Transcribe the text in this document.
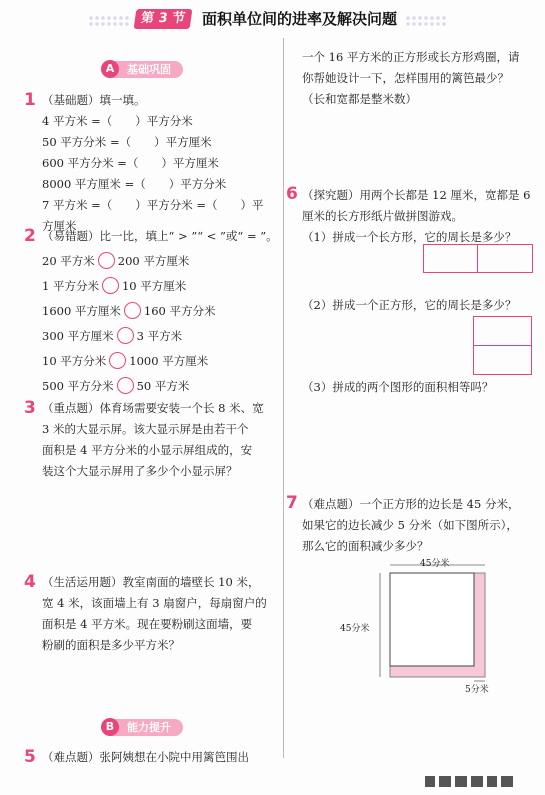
第 3 节	面积单位间的进率及解决问题
A	基础巩固
1 （基础题）填一填。
4 平方米 =（　　）平方分米
50 平方分米 =（　　）平方厘米
600 平方分米 =（　　）平方厘米
8000 平方厘米 =（　　）平方分米
7 平方米 =（　　）平方分米 =（　　）平
方厘米
2 （易错题）比一比，填上“ > ”“ < ”或“ = ”。
20 平方米 200 平方厘米
1 平方分米 10 平方厘米
1600 平方厘米 160 平方分米
300 平方厘米 3 平方米
10 平方分米 1000 平方厘米
500 平方分米 50 平方米
3 （重点题）体育场需要安装一个长 8 米、宽
3 米的大显示屏。该大显示屏是由若干个
面积是 4 平方分米的小显示屏组成的，安
装这个大显示屏用了多少个小显示屏？
4 （生活运用题）教室南面的墙壁长 10 米，
宽 4 米，该面墙上有 3 扇窗户，每扇窗户的
面积是 4 平方米。现在要粉刷这面墙，要
粉刷的面积是多少平方米？
B	能力提升
5 （难点题）张阿姨想在小院中用篱笆围出
一个 16 平方米的正方形或长方形鸡圈，请
你帮她设计一下，怎样围用的篱笆最少？
（长和宽都是整米数）
6 （探究题）用两个长都是 12 厘米，宽都是 6
厘米的长方形纸片做拼图游戏。
（1）拼成一个长方形，它的周长是多少？
（2）拼成一个正方形，它的周长是多少？
（3）拼成的两个图形的面积相等吗？
7 （难点题）一个正方形的边长是 45 分米，
如果它的边长减少 5 分米（如下图所示），
那么它的面积减少多少？
45分米
45分米
5分米
